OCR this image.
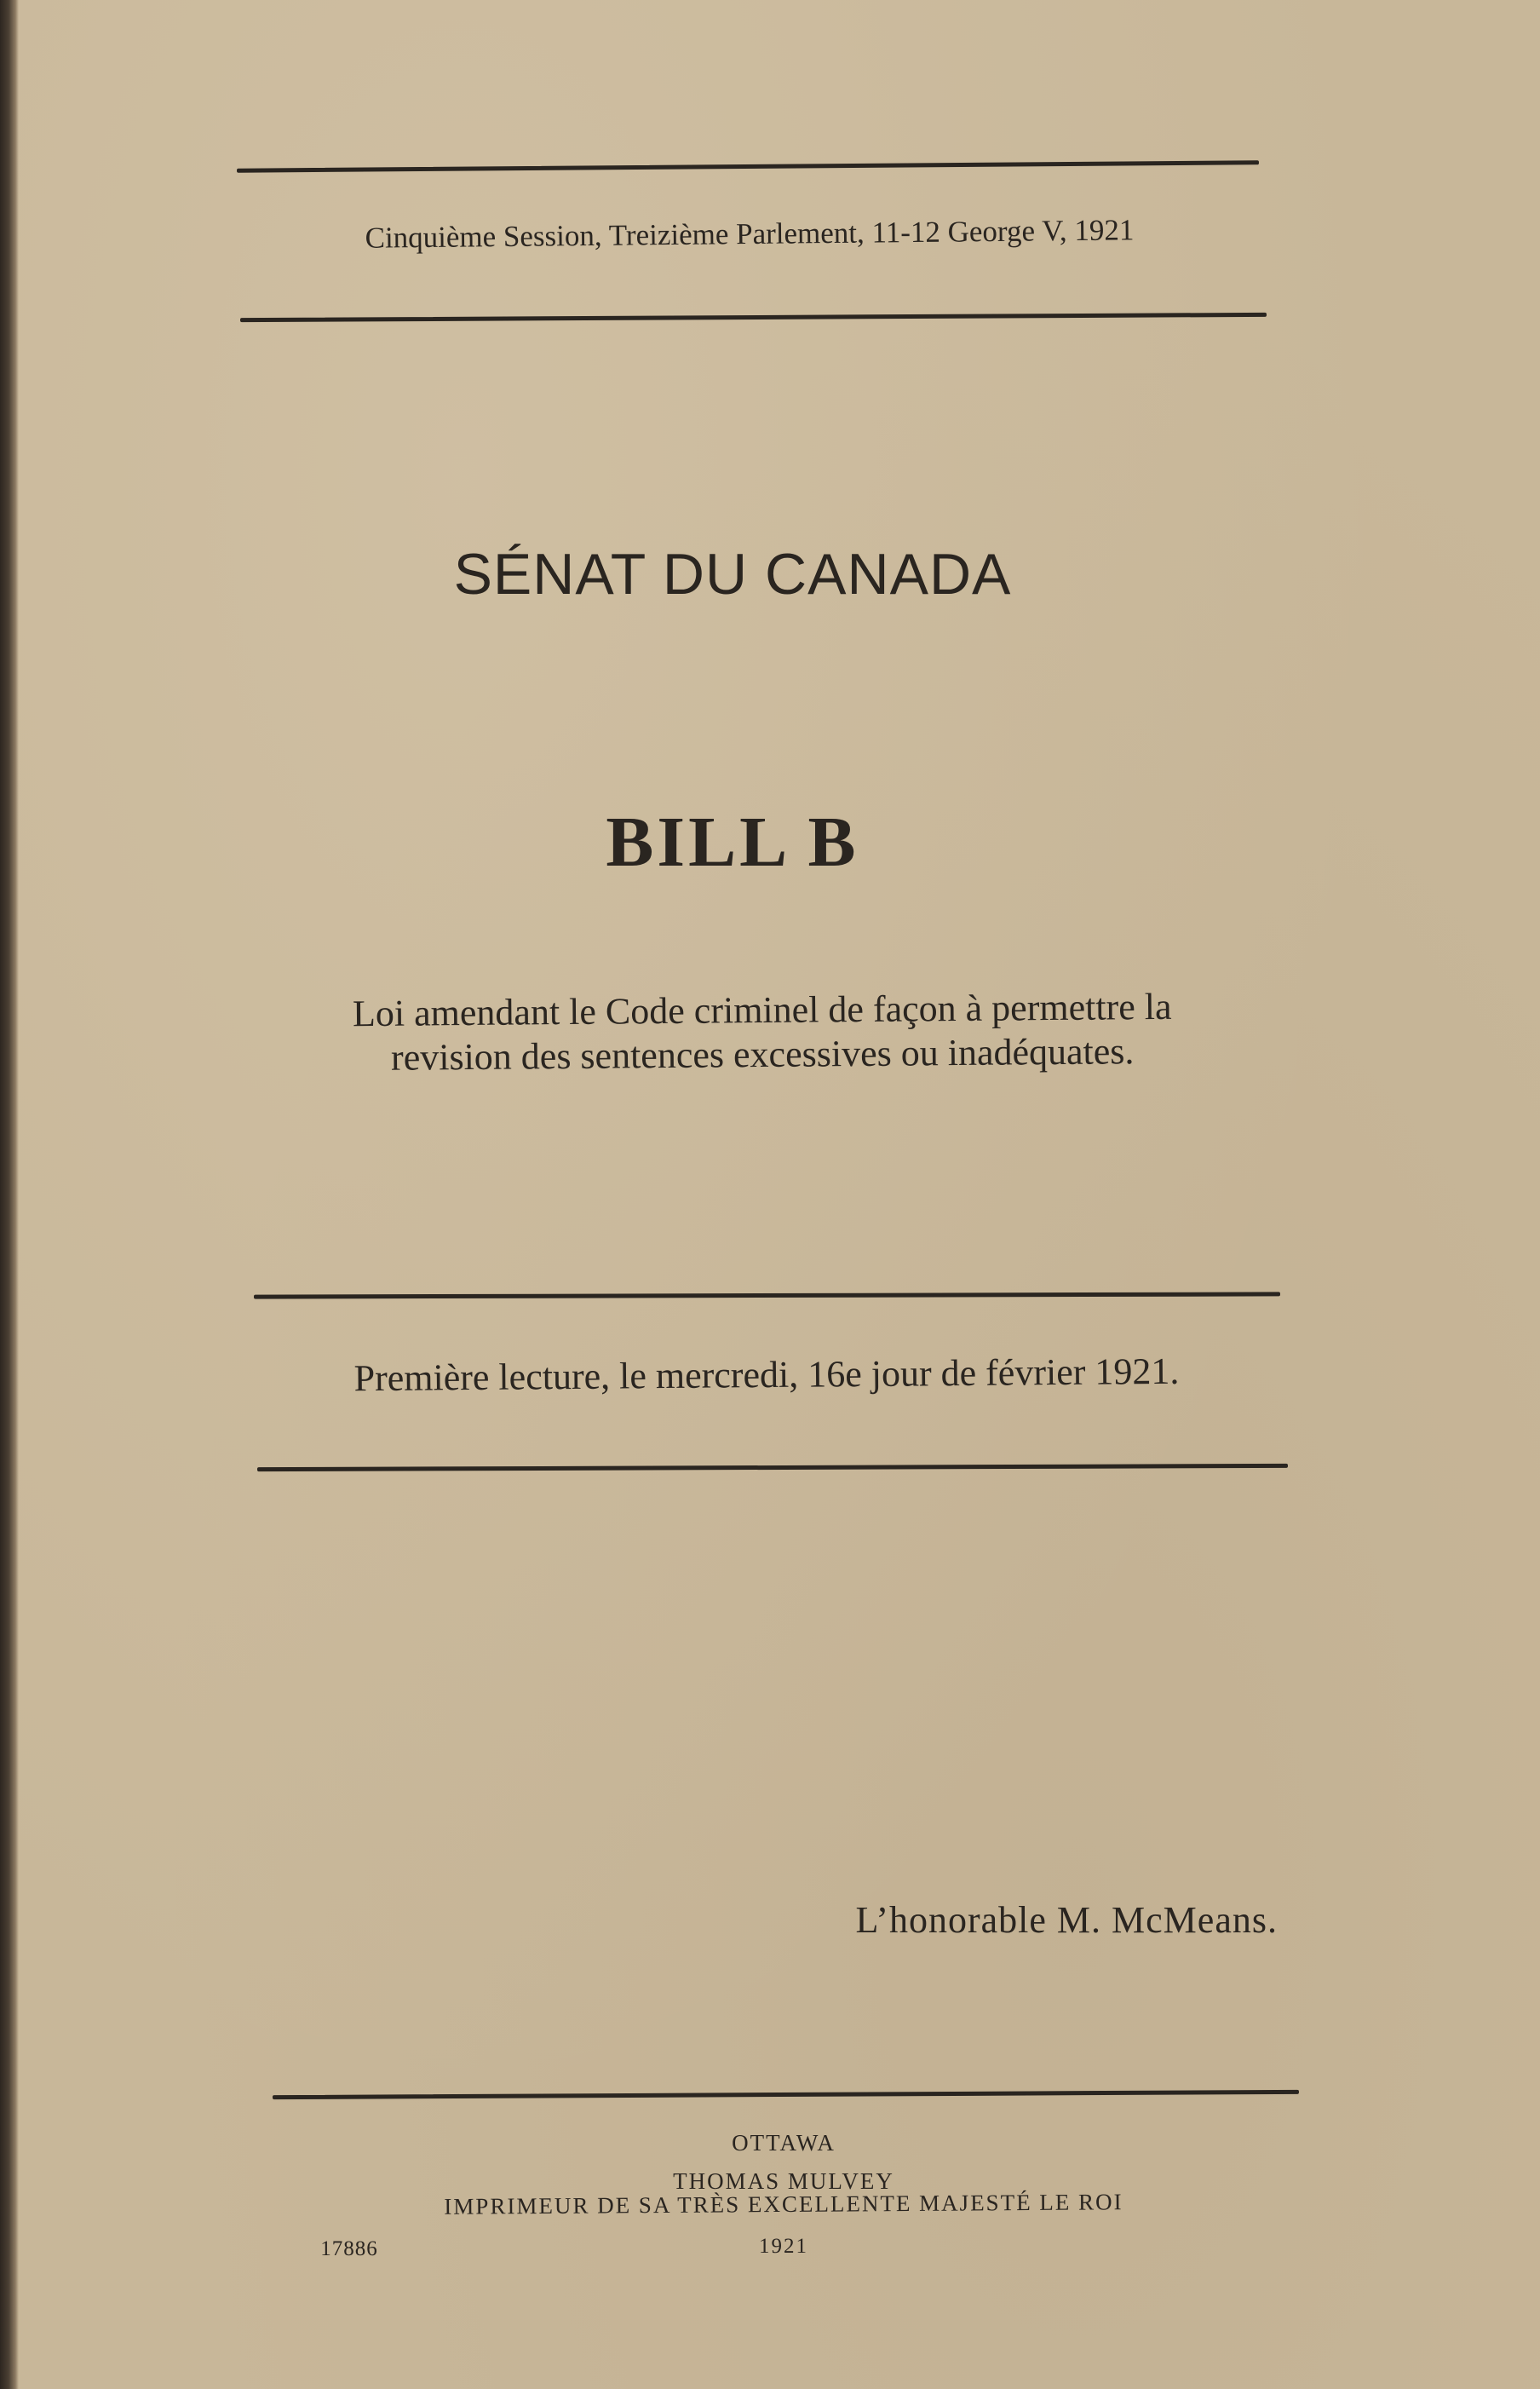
Cinquième Session, Treizième Parlement, 11-12 George V, 1921
SÉNAT DU CANADA
BILL B
Loi amendant le Code criminel de façon à permettre la
revision des sentences excessives ou inadéquates.
Première lecture, le mercredi, 16e jour de février 1921.
L’honorable M. McMeans.
OTTAWA
THOMAS MULVEY
IMPRIMEUR DE SA TRÈS EXCELLENTE MAJESTÉ LE ROI
17886	1921
